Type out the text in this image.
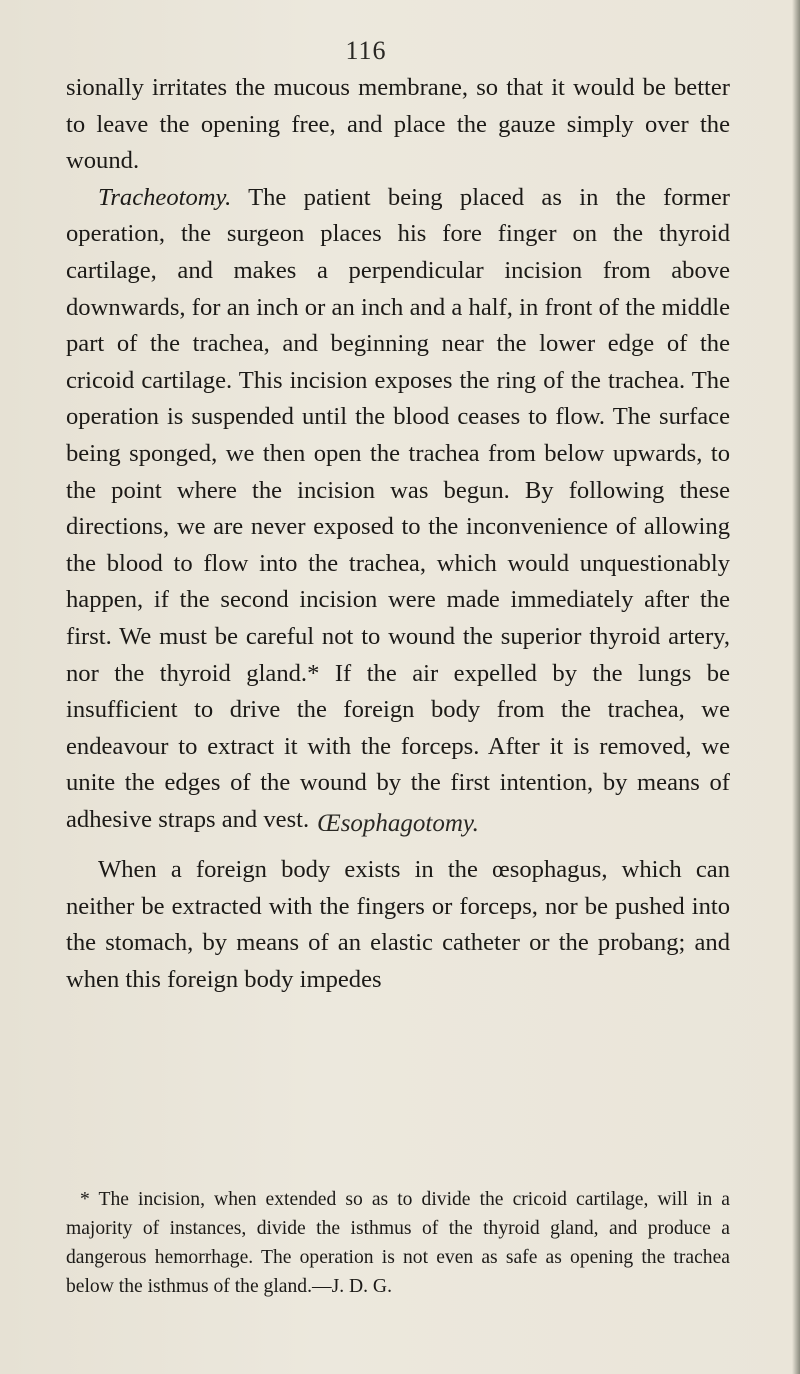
116

sionally irritates the mucous membrane, so that it would be better to leave the opening free, and place the gauze simply over the wound.

Tracheotomy. The patient being placed as in the former operation, the surgeon places his fore finger on the thyroid cartilage, and makes a perpendicular incision from above downwards, for an inch or an inch and a half, in front of the middle part of the trachea, and beginning near the lower edge of the cricoid cartilage. This incision exposes the ring of the trachea. The operation is suspended until the blood ceases to flow. The surface being sponged, we then open the trachea from below upwards, to the point where the incision was begun. By following these directions, we are never exposed to the inconvenience of allowing the blood to flow into the trachea, which would unquestionably happen, if the second incision were made immediately after the first. We must be careful not to wound the superior thyroid artery, nor the thyroid gland.* If the air expelled by the lungs be insufficient to drive the foreign body from the trachea, we endeavour to extract it with the forceps. After it is removed, we unite the edges of the wound by the first intention, by means of adhesive straps and vest. Œsophagotomy.

When a foreign body exists in the œsophagus, which can neither be extracted with the fingers or forceps, nor be pushed into the stomach, by means of an elastic catheter or the probang; and when this foreign body impedes

* The incision, when extended so as to divide the cricoid cartilage, will in a majority of instances, divide the isthmus of the thyroid gland, and produce a dangerous hemorrhage. The operation is not even as safe as opening the trachea below the isthmus of the gland.—J. D. G.
